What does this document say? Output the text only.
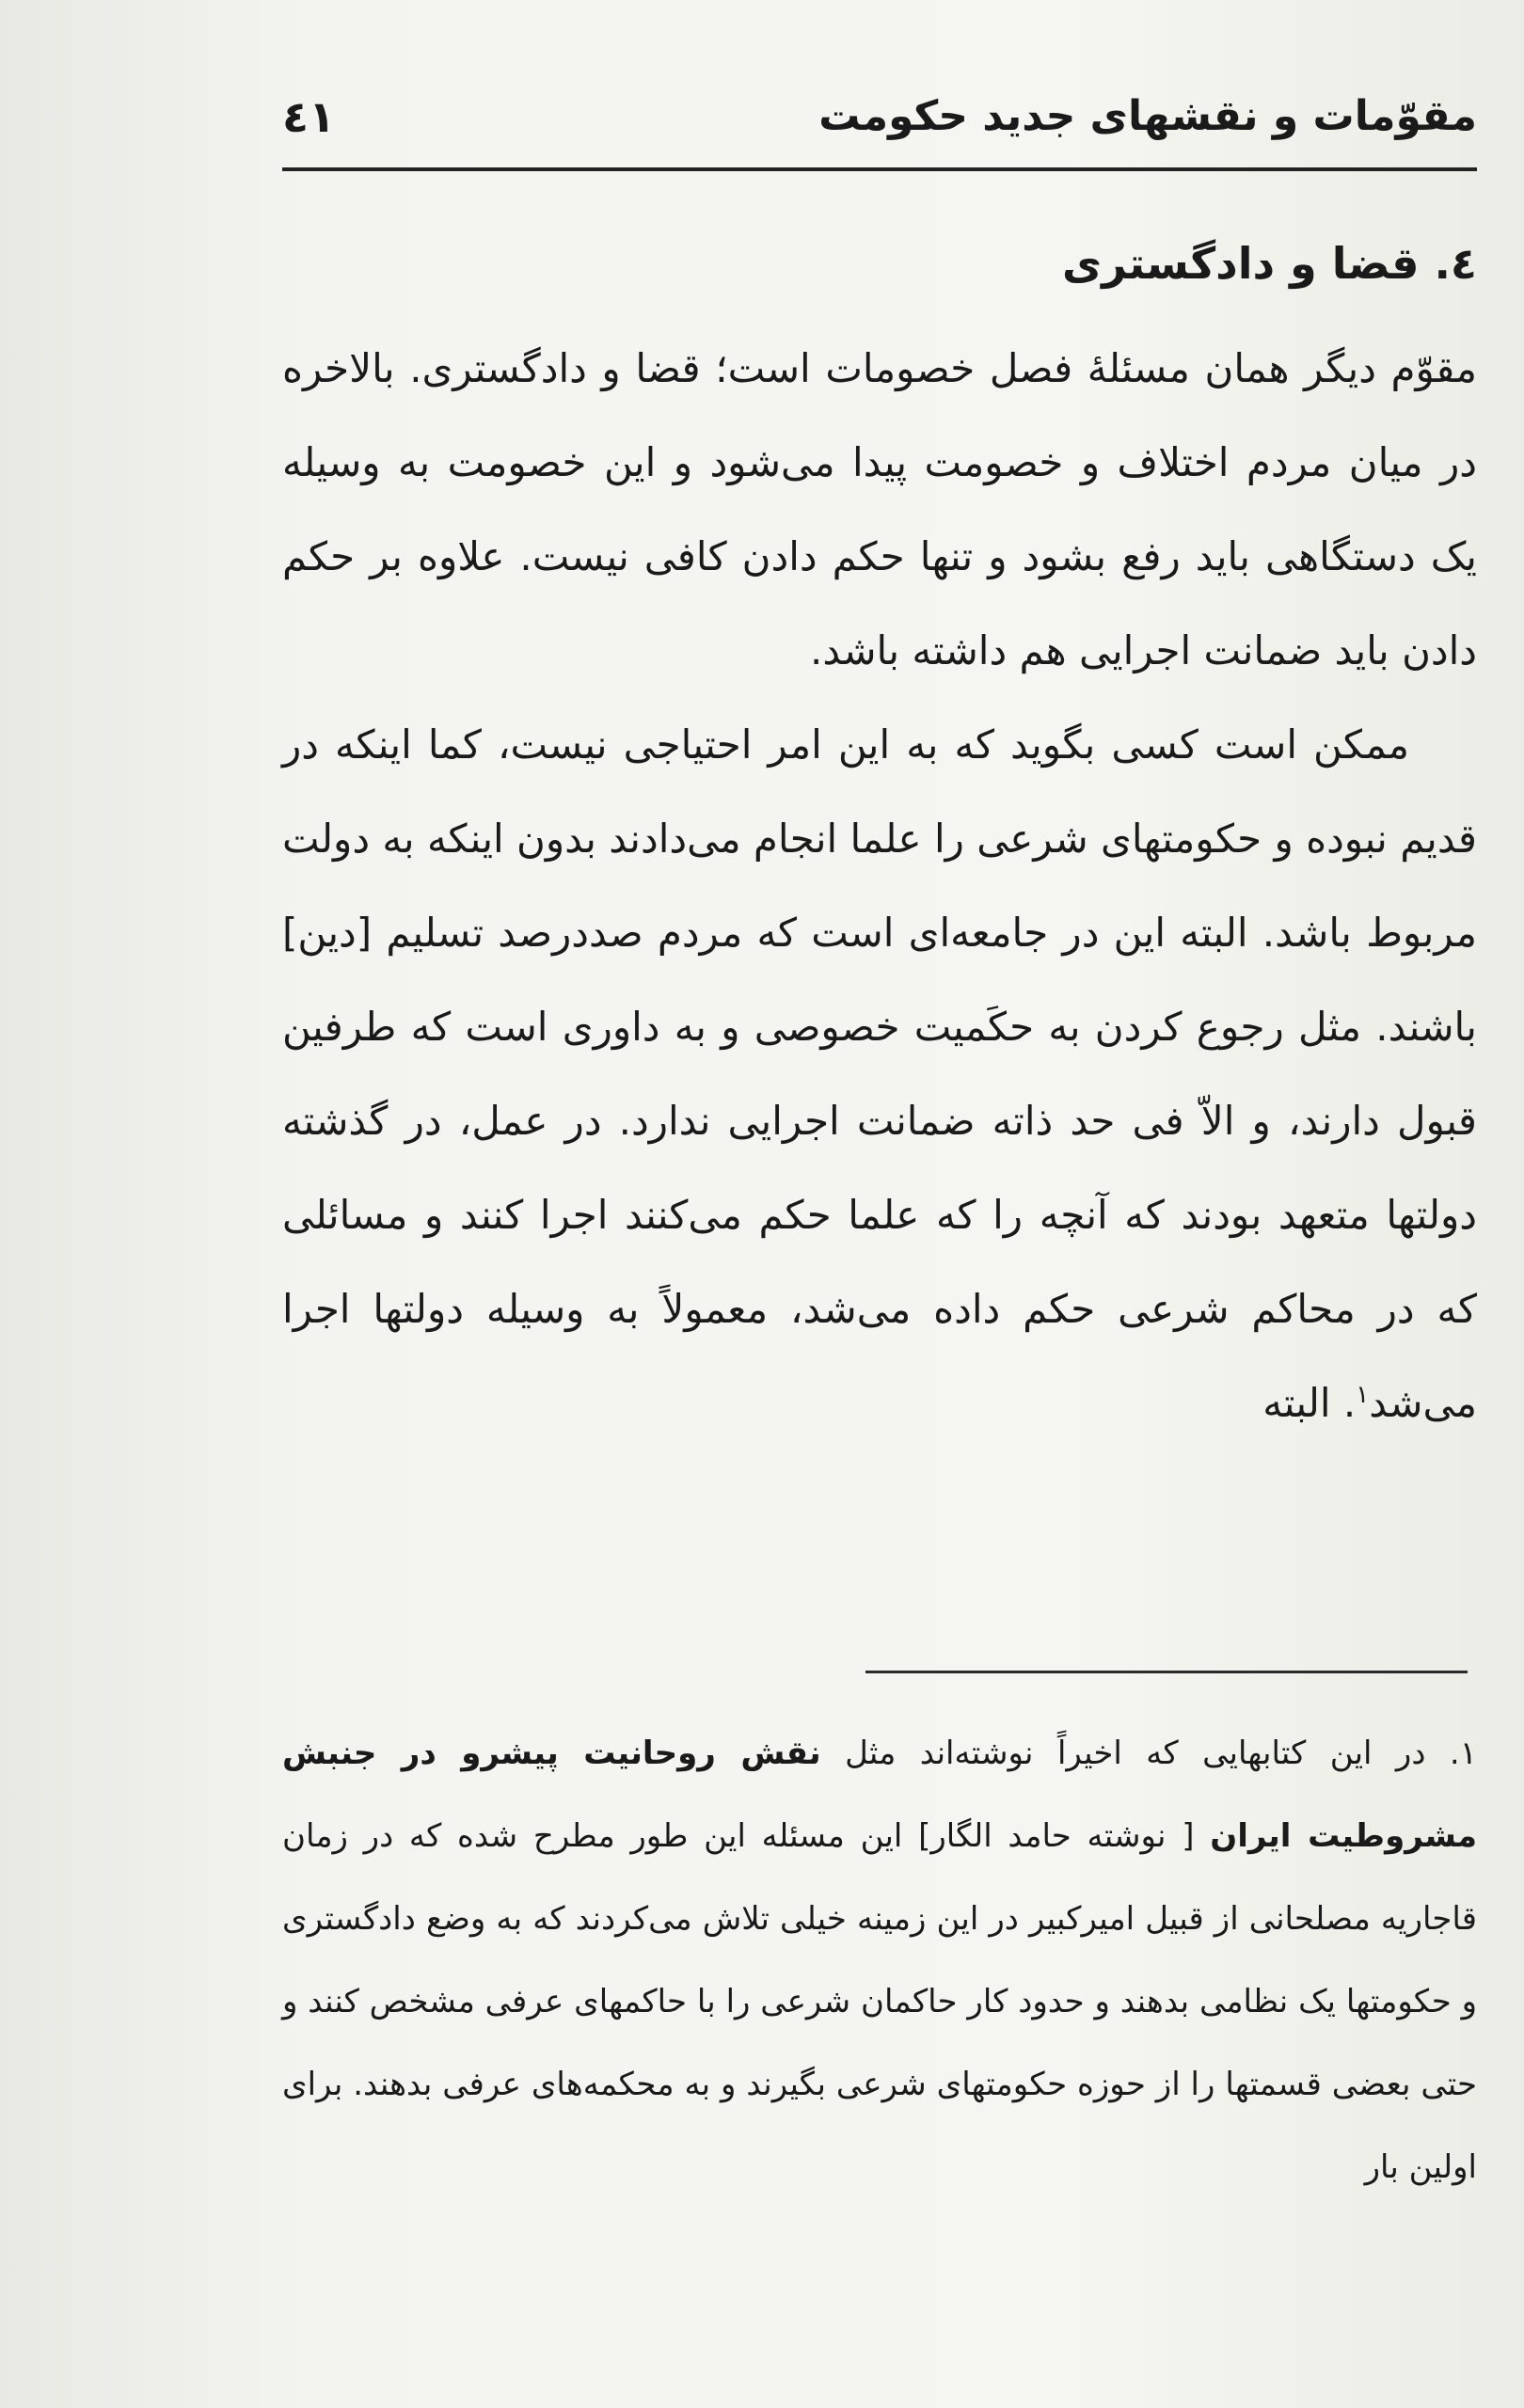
مقوّمات و نقشهای جدید حکومت
٤١
٤. قضا و دادگستری

مقوّم دیگر همان مسئلهٔ فصل خصومات است؛ قضا و دادگستری. بالاخره در میان مردم اختلاف و خصومت پیدا می‌شود و این خصومت به وسیله یک دستگاهی باید رفع بشود و تنها حکم دادن کافی نیست. علاوه بر حکم دادن باید ضمانت اجرایی هم داشته باشد.

ممکن است کسی بگوید که به این امر احتیاجی نیست، کما اینکه در قدیم نبوده و حکومتهای شرعی را علما انجام می‌دادند بدون اینکه به دولت مربوط باشد. البته این در جامعه‌ای است که مردم صددرصد تسلیم [دین] باشند. مثل رجوع کردن به حکَمیت خصوصی و به داوری است که طرفین قبول دارند، و الاّ فی حد ذاته ضمانت اجرایی ندارد. در عمل، در گذشته دولتها متعهد بودند که آنچه را که علما حکم می‌کنند اجرا کنند و مسائلی که در محاکم شرعی حکم داده می‌شد، معمولاً به وسیله دولتها اجرا می‌شد$^١$. البته

١. در این کتابهایی که اخیراً نوشته‌اند مثل نقش روحانیت پیشرو در جنبش مشروطیت ایران [ نوشته حامد الگار] این مسئله این طور مطرح شده که در زمان قاجاریه مصلحانی از قبیل امیرکبیر در این زمینه خیلی تلاش می‌کردند که به وضع دادگستری و حکومتها یک نظامی بدهند و حدود کار حاکمان شرعی را با حاکمهای عرفی مشخص کنند و حتی بعضی قسمتها را از حوزه حکومتهای شرعی بگیرند و به محکمه‌های عرفی بدهند. برای اولین بار
